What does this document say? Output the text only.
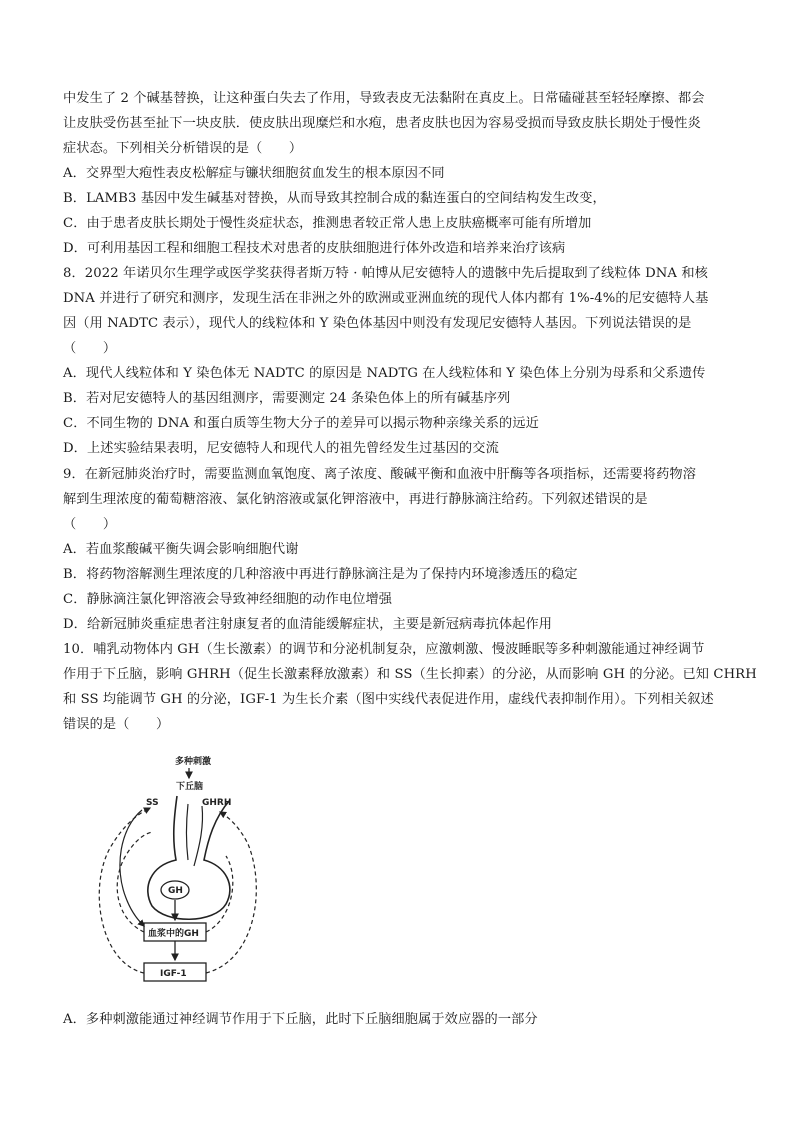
中发生了 2 个碱基替换，让这种蛋白失去了作用，导致表皮无法黏附在真皮上。日常磕碰甚至轻轻摩擦、都会
让皮肤受伤甚至扯下一块皮肤．使皮肤出现糜烂和水疱，患者皮肤也因为容易受损而导致皮肤长期处于慢性炎
症状态。下列相关分析错误的是（　　）
A．交界型大疱性表皮松解症与镰状细胞贫血发生的根本原因不同
B．LAMB3 基因中发生碱基对替换，从而导致其控制合成的黏连蛋白的空间结构发生改变，
C．由于患者皮肤长期处于慢性炎症状态，推测患者较正常人患上皮肤癌概率可能有所增加
D．可利用基因工程和细胞工程技术对患者的皮肤细胞进行体外改造和培养来治疗该病
8．2022 年诺贝尔生理学或医学奖获得者斯万特 · 帕博从尼安德特人的遗骸中先后提取到了线粒体 DNA 和核
DNA 并进行了研究和测序，发现生活在非洲之外的欧洲或亚洲血统的现代人体内都有 1%-4%的尼安德特人基
因（用 NADTC 表示），现代人的线粒体和 Y 染色体基因中则没有发现尼安德特人基因。下列说法错误的是
（　　）
A．现代人线粒体和 Y 染色体无 NADTC 的原因是 NADTG 在人线粒体和 Y 染色体上分别为母系和父系遗传
B．若对尼安德特人的基因组测序，需要测定 24 条染色体上的所有碱基序列
C．不同生物的 DNA 和蛋白质等生物大分子的差异可以揭示物种亲缘关系的远近
D．上述实验结果表明，尼安德特人和现代人的祖先曾经发生过基因的交流
9．在新冠肺炎治疗时，需要监测血氧饱度、离子浓度、酸碱平衡和血液中肝酶等各项指标，还需要将药物溶
解到生理浓度的葡萄糖溶液、氯化钠溶液或氯化钾溶液中，再进行静脉滴注给药。下列叙述错误的是
（　　）
A．若血浆酸碱平衡失调会影响细胞代谢
B．将药物溶解测生理浓度的几种溶液中再进行静脉滴注是为了保持内环境渗透压的稳定
C．静脉滴注氯化钾溶液会导致神经细胞的动作电位增强
D．给新冠肺炎重症患者注射康复者的血清能缓解症状，主要是新冠病毒抗体起作用
10．哺乳动物体内 GH（生长激素）的调节和分泌机制复杂，应激刺激、慢波睡眠等多种刺激能通过神经调节
作用于下丘脑，影响 GHRH（促生长激素释放激素）和 SS（生长抑素）的分泌，从而影响 GH 的分泌。已知 CHRH
和 SS 均能调节 GH 的分泌，IGF-1 为生长介素（图中实线代表促进作用，虚线代表抑制作用）。下列相关叙述
错误的是（　　）
多种刺激
下丘脑
SS	GHRH
GH
血浆中的GH
IGF-1
A．多种刺激能通过神经调节作用于下丘脑，此时下丘脑细胞属于效应器的一部分
